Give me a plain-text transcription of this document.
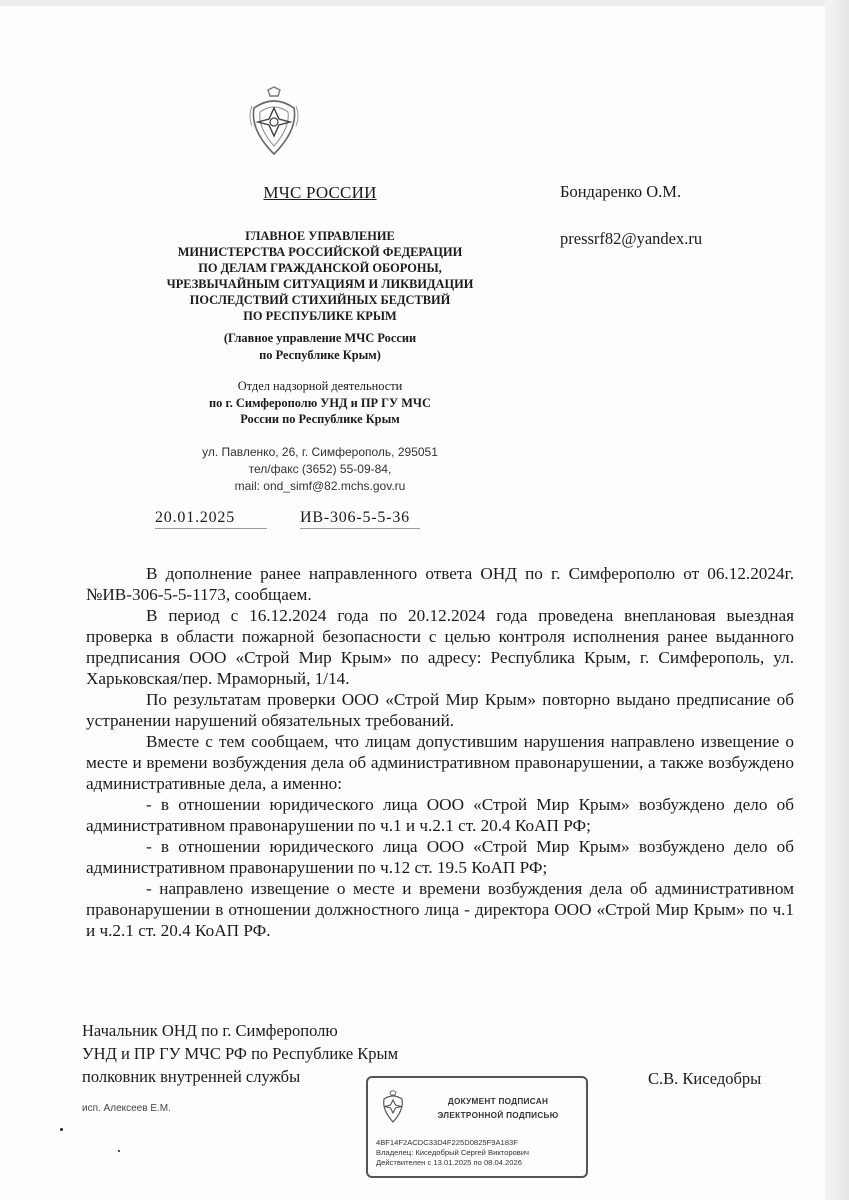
МЧС РОССИИ
ГЛАВНОЕ УПРАВЛЕНИЕ
МИНИСТЕРСТВА РОССИЙСКОЙ ФЕДЕРАЦИИ
ПО ДЕЛАМ ГРАЖДАНСКОЙ ОБОРОНЫ,
ЧРЕЗВЫЧАЙНЫМ СИТУАЦИЯМ И ЛИКВИДАЦИИ
ПОСЛЕДСТВИЙ СТИХИЙНЫХ БЕДСТВИЙ
ПО РЕСПУБЛИКЕ КРЫМ
(Главное управление МЧС России
по Республике Крым)
Отдел надзорной деятельности
по г. Симферополю УНД и ПР ГУ МЧС
России по Республике Крым
ул. Павленко, 26, г. Симферополь, 295051
тел/факс (3652) 55-09-84,
mail: ond_simf@82.mchs.gov.ru
20.01.2025	ИВ-306-5-5-36
Бондаренко О.М.
pressrf82@yandex.ru

В дополнение ранее направленного ответа ОНД по г. Симферополю от 06.12.2024г. №ИВ-306-5-5-1173, сообщаем.

В период с 16.12.2024 года по 20.12.2024 года проведена внеплановая выездная проверка в области пожарной безопасности с целью контроля исполнения ранее выданного предписания ООО «Строй Мир Крым» по адресу: Республика Крым, г. Симферополь, ул. Харьковская/пер. Мраморный, 1/14.

По результатам проверки ООО «Строй Мир Крым» повторно выдано предписание об устранении нарушений обязательных требований.

Вместе с тем сообщаем, что лицам допустившим нарушения направлено извещение о месте и времени возбуждения дела об административном правонарушении, а также возбуждено административные дела, а именно:

- в отношении юридического лица ООО «Строй Мир Крым» возбуждено дело об административном правонарушении по ч.1 и ч.2.1 ст. 20.4 КоАП РФ;

- в отношении юридического лица ООО «Строй Мир Крым» возбуждено дело об административном правонарушении по ч.12 ст. 19.5 КоАП РФ;

- направлено извещение о месте и времени возбуждения дела об административном правонарушении в отношении должностного лица - директора ООО «Строй Мир Крым» по ч.1 и ч.2.1 ст. 20.4 КоАП РФ.

Начальник ОНД по г. Симферополю
УНД и ПР ГУ МЧС РФ по Республике Крым
полковник внутренней службы	С.В. Киседобры
исп. Алексеев Е.М.
ДОКУМЕНТ ПОДПИСАН
ЭЛЕКТРОННОЙ ПОДПИСЬЮ
4BF14F2ACDC33D4F225D0825F9A183F
Владелец: Киседобрый Сергей Викторович
Действителен с 13.01.2025 по 08.04.2026
